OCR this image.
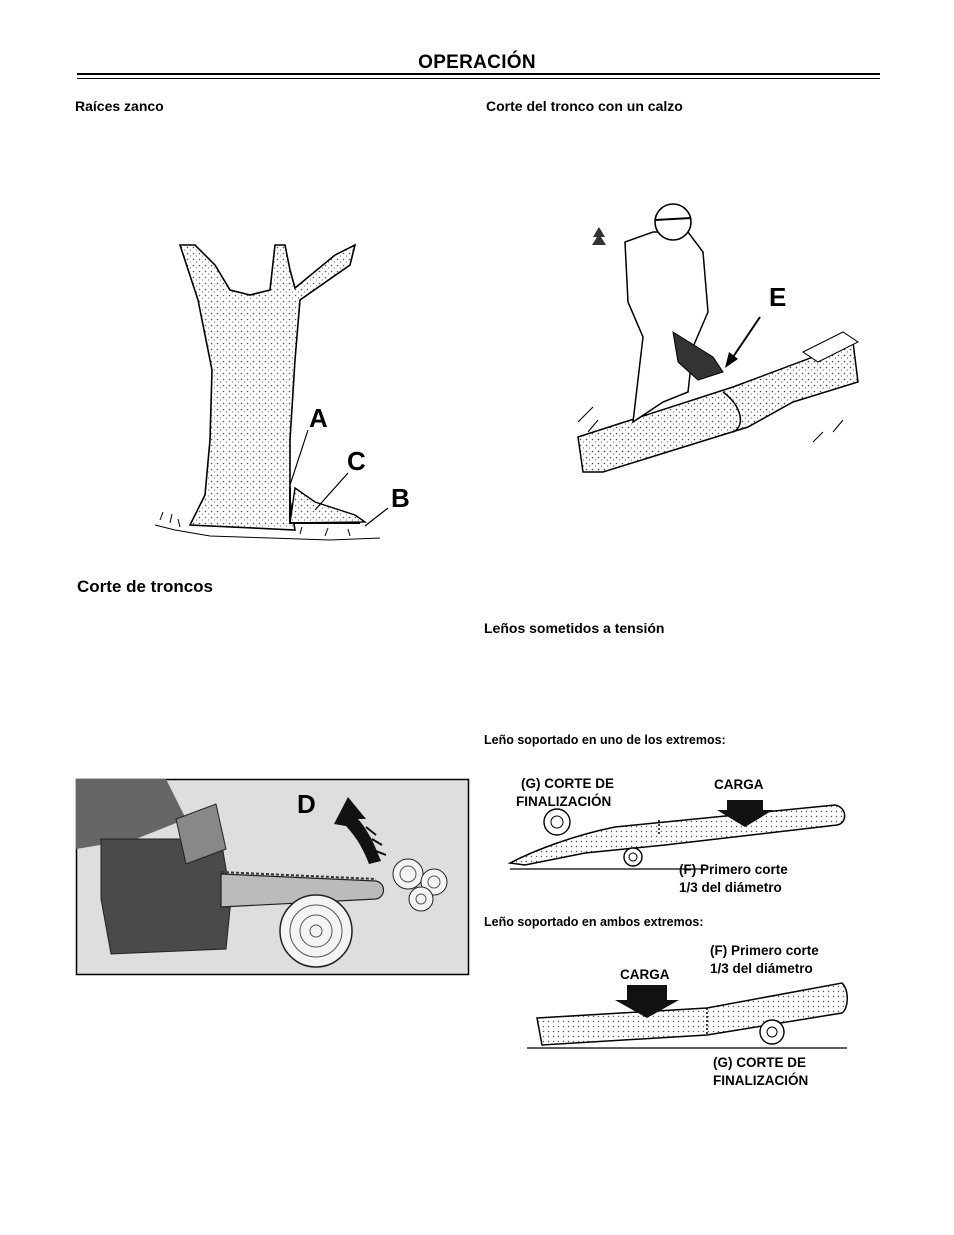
OPERACIÓN
Raíces zanco
A
C
B
Corte de troncos
D
Corte del tronco con un calzo
E
Leños sometidos a tensión
Leño soportado en uno de los extremos:
(G) CORTE DE
FINALIZACIÓN
CARGA
(F) Primero corte
1/3 del diámetro
Leño soportado en ambos extremos:
(F) Primero corte
1/3 del diámetro
CARGA
(G) CORTE DE
FINALIZACIÓN
